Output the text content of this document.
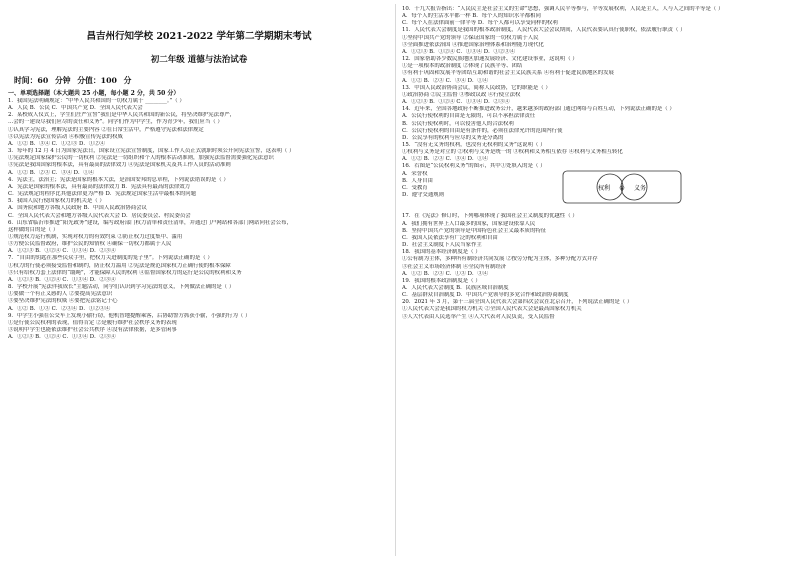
昌吉州行知学校 2021-2022 学年第二学期期末考试
初二年级 道德与法治试卷
时间：60 分钟 分值：100 分
一、单项选择题（本大题共 25 小题，每小题 2 分，共 50 分）
1．我国宪法明确规定：“中华人民共和国的一切权力属于 ________。”（ ）
A．人民 B．公民 C．中国共产党 D．全国人民代表大会
2．某校成人仪式上，学生们庄严宣誓“我们是中华人民共和国的新公民，将坚决维护宪法尊严，
…会的一建设尽我们应尽的责任和义务”。同学们作为中学生，作为青少年，我们应当（ ）
①认真学习宪法，理解宪法的主要内容 ②在日常生活中，严格遵守宪法和法律规定
③以宪法为宪法宣传活动 ④积极宣传宪法的权威
A．①② B．③④ C．①②③ D．①②④
3．每年的 12 月 4 日为国家宪法日，国家设立宪法宣誓制度，国家工作人员正式就职时须公开向宪法宣誓，这表明（ ）
①宪法规定国家保护公民的一切权利 ②宪法是一切组织和个人的根本活动准则，加强宪法监督需要强化宪法意识
③宪法是我国国家的根本法，具有最高的法律效力 ④宪法是国家机关及其工作人员的活动准则
A．①② B．②③ C．③④ D．①④
4．宪法主，法治主；宪法是国家的根本大法，是治国安邦的总章程，下列说法错误的是（ ）
A．宪法是国家的根本法，具有最高的法律效力 B．宪法具有最高的法律效力
C．宪法规定的程序比其他法律更为严格 D．宪法规定国家生活中最根本的问题
5．我国人民行使国家权力的机关是（ ）
A．国务院和地方各级人民政府 B．中国人民政治协商会议
C．全国人民代表大会和地方各级人民代表大会 D．居民委员会、村民委员会
6．山东省临沂市推进“阳光政务”建设，编写政府部门权力清单和责任清单，并通过门户网站和各部门网站向社会公布，
这样做的目的是（ ）
①规范权力运行机制，实现对权力的有效约束 ②防止权力过度集中、滥用
③方便公民监督政府，维护公民的知情权 ④确保一切权力都属于人民
A．①②③ B．①②④ C．①③④ D．②③④
7．“自由的钥匙在那些民众手里，把权力关进制度的笼子里”。下列说法正确的是（ ）
①权力的行使必须接受监督和制约，防止权力滥用 ②宪法是规范国家权力正确行使的根本保障
③只有给权力套上法律的“缰绳”，才能保障人民的权利 ④监督国家权力的运行是公民的权利和义务
A．①②③ B．①②④ C．①③④ D．②③④
8．学校开展“宪法伴我成长”主题活动，同学们认识到学习宪法的意义，下列做法正确的是（ ）
①要做一个有正义感的人 ②要提高宪法意识
③要坚决维护宪法的权威 ④要把宪法铭记于心
A．①② B．①③ C．②③④ D．①②③④
9．中学生小强在公交车上发现小偷行窃，他机智地提醒乘客，后协助警方抓获小偷，小强的行为（ ）
①是行使公民权利的表现，值得肯定 ②是履行维护社会秩序义务的表现
③说明中学生也能依法维护社会公共秩序 ④没有法律依据，是多管闲事
A．①②③ B．①②④ C．①③④ D．②③④
10．十九大报告指出：“人民民主是社会主义的生命”思想，强调人民平等参与，平等发展权利，人民是主人，人与人之间的平等是（ ）
A．每个人的生活水平都一样 B．每个人的知识水平都相同
C．每个人在法律面前一律平等 D．每个人都可以享受同样的权利
11．人民代表大会制度是我国的根本政治制度，人民代表大会会议期间，人民代表要认真行使职权，依法履行职责（ ）
①坚持中国共产党的领导 ②保证国家的一切权力属于人民
③全面推进依法治国 ④推进国家治理体系和治理能力现代化
A．①②③ B．①②④ C．①③④ D．①②③④
12．国家帮助各少数民族地区加速发展经济、文化建设事业，这说明（ ）
①是一项根本的政治制度 ②体现了民族平等、团结
③有利于巩固和发展平等团结互助和谐的社会主义民族关系 ④有利于促进民族地区的发展
A．①② B．②③ C．③④ D．①④
13．中国人民政治协商会议，简称人民政协，它的职能是（ ）
①政治协商 ②民主监督 ③参政议政 ④行使立法权
A．①②③ B．①②④ C．①③④ D．②③④
14．近年来，全国各地政府不断推进政务公开，越来越多的政府部门通过网络与百姓互动，下列说法正确的是（ ）
A．公民行使权利的自由是无限的，可以不承担法律责任
B．公民行使权利时，可以侵害他人的合法权利
C．公民行使权利的自由是有条件的，必须在法律允许的范围内行使
D．公民享有的权利与应尽的义务是分离的
15．“没有无义务的权利，也没有无权利的义务”这说明（ ）
①权利与义务是对立的 ②权利与义务是统一的 ③权利和义务相互依存 ④权利与义务相互转化
A．①② B．②③ C．③④ D．①④
16．右图是“公民权利义务”的图示，其中①处填入的是（ ）
A．荣誉权
B．人身自由
C．受教育
D．遵守交通规则
权利 ① 义务
17．在《宪法》修订时，下列哪项体现了我国社会主义制度的优越性（ ）
A．我们拥有世界上人口最多的国家，国家建设依靠人民
B．坚持中国共产党的领导是中国特色社会主义最本质的特征
C．我国人民依法享有广泛的权利和自由
D．社会主义制度下人民当家作主
18．我国的基本经济制度是（ ）
①公有制为主体，多种所有制经济共同发展 ②按劳分配为主体，多种分配方式并存
③社会主义市场经济体制 ④全民所有制经济
A．①② B．②③ C．①③ D．③④
19．我国的根本政治制度是（ ）
A．人民代表大会制度 B．民族区域自治制度
C．基层群众自治制度 D．中国共产党领导的多党合作和政治协商制度
20．2021 年 3 月，第十三届全国人民代表大会第四次会议在北京召开，下列说法正确的是（ ）
①人民代表大会是我国的权力机关 ②全国人民代表大会是最高国家权力机关
③人大代表由人民选举产生 ④人大代表对人民负责，受人民监督
